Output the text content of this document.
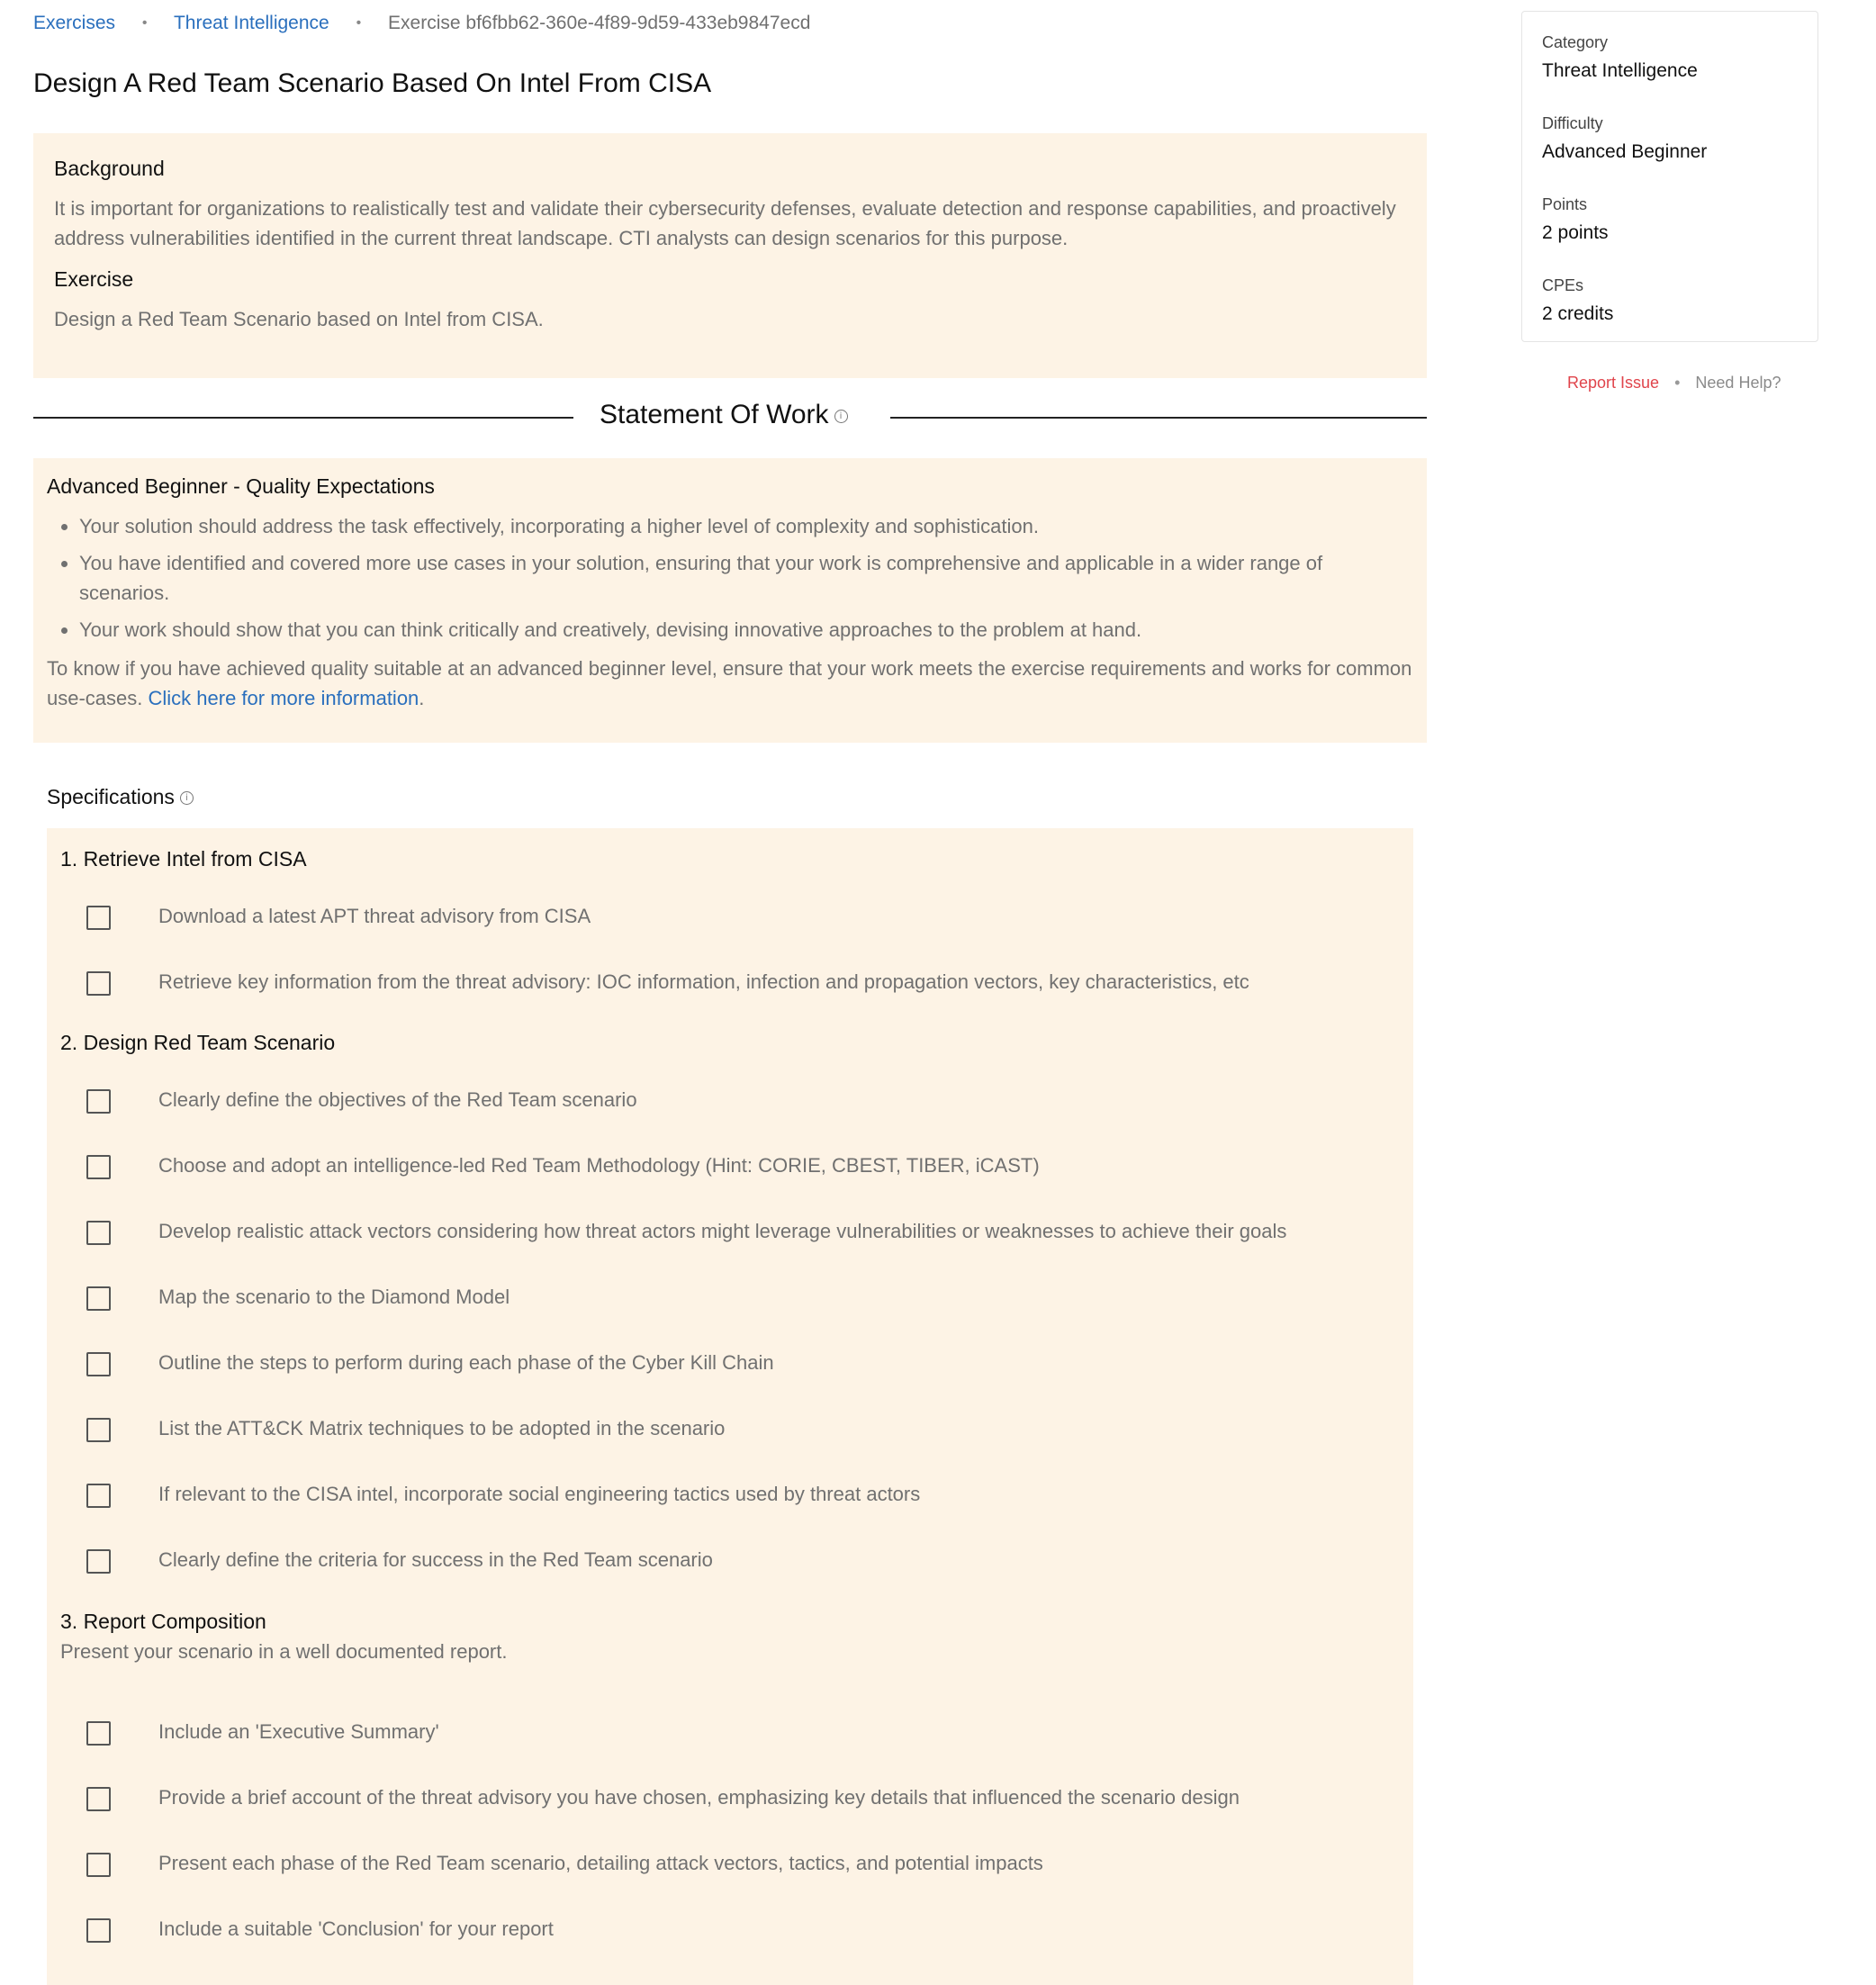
Exercises • Threat Intelligence • Exercise bf6fbb62-360e-4f89-9d59-433eb9847ecd
Design A Red Team Scenario Based On Intel From CISA
Background

It is important for organizations to realistically test and validate their cybersecurity defenses, evaluate detection and response capabilities, and proactively address vulnerabilities identified in the current threat landscape. CTI analysts can design scenarios for this purpose.

Exercise

Design a Red Team Scenario based on Intel from CISA.

Statement Of Work i
Advanced Beginner - Quality Expectations
• Your solution should address the task effectively, incorporating a higher level of complexity and sophistication.
• You have identified and covered more use cases in your solution, ensuring that your work is comprehensive and applicable in a wider range of scenarios.
• Your work should show that you can think critically and creatively, devising innovative approaches to the problem at hand.

To know if you have achieved quality suitable at an advanced beginner level, ensure that your work meets the exercise requirements and works for common use-cases. Click here for more information.

Specifications i
1. Retrieve Intel from CISA
Download a latest APT threat advisory from CISA
Retrieve key information from the threat advisory: IOC information, infection and propagation vectors, key characteristics, etc
2. Design Red Team Scenario
Clearly define the objectives of the Red Team scenario
Choose and adopt an intelligence-led Red Team Methodology (Hint: CORIE, CBEST, TIBER, iCAST)
Develop realistic attack vectors considering how threat actors might leverage vulnerabilities or weaknesses to achieve their goals
Map the scenario to the Diamond Model
Outline the steps to perform during each phase of the Cyber Kill Chain
List the ATT&CK Matrix techniques to be adopted in the scenario
If relevant to the CISA intel, incorporate social engineering tactics used by threat actors
Clearly define the criteria for success in the Red Team scenario
3. Report Composition
Present your scenario in a well documented report.
Include an 'Executive Summary'
Provide a brief account of the threat advisory you have chosen, emphasizing key details that influenced the scenario design
Present each phase of the Red Team scenario, detailing attack vectors, tactics, and potential impacts
Include a suitable 'Conclusion' for your report
Category
Threat Intelligence
Difficulty
Advanced Beginner
Points
2 points
CPEs
2 credits
Report Issue • Need Help?
